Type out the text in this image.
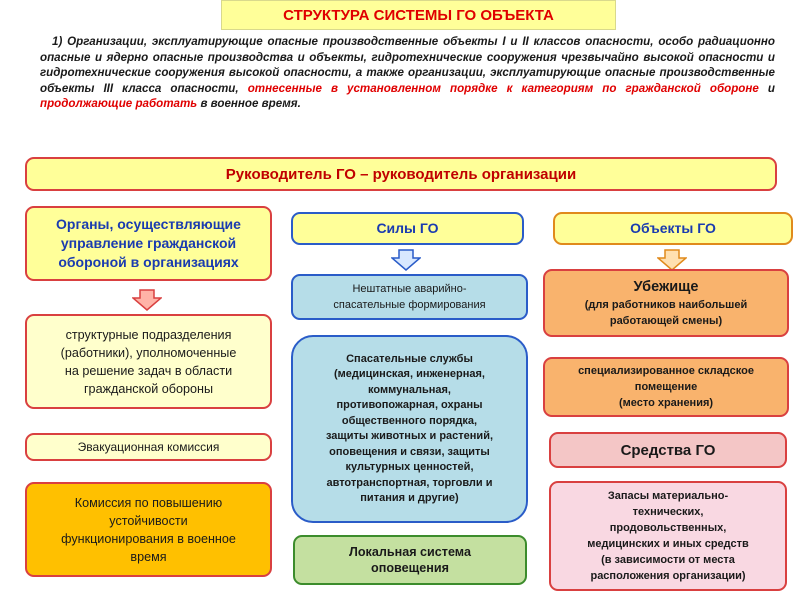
СТРУКТУРА СИСТЕМЫ ГО ОБЪЕКТА

1) Организации, эксплуатирующие опасные производственные объекты I и II классов опасности, особо радиационно опасные и ядерно опасные производства и объекты, гидротехнические сооружения чрезвычайно высокой опасности и гидротехнические сооружения высокой опасности, а также организации, эксплуатирующие опасные производственные объекты III класса опасности, отнесенные в установленном порядке к категориям по гражданской обороне и продолжающие работать в военное время.

Руководитель ГО – руководитель организации
Органы, осуществляющие
управление гражданской
обороной в организациях
Силы ГО	Объекты ГО
структурные подразделения
(работники), уполномоченные
на решение задач в области
гражданской обороны
Эвакуационная комиссия
Комиссия по повышению
устойчивости
функционирования в военное
время
Нештатные аварийно-
спасательные формирования
Спасательные службы
(медицинская, инженерная,
коммунальная,
противопожарная, охраны
общественного порядка,
защиты животных и растений,
оповещения и связи, защиты
культурных ценностей,
автотранспортная, торговли и
питания и другие)
Локальная система
оповещения
Убежище
(для работников наибольшей
работающей смены)
специализированное складское
помещение
(место хранения)
Средства ГО
Запасы материально-
технических,
продовольственных,
медицинских и иных средств
(в зависимости от места
расположения организации)
